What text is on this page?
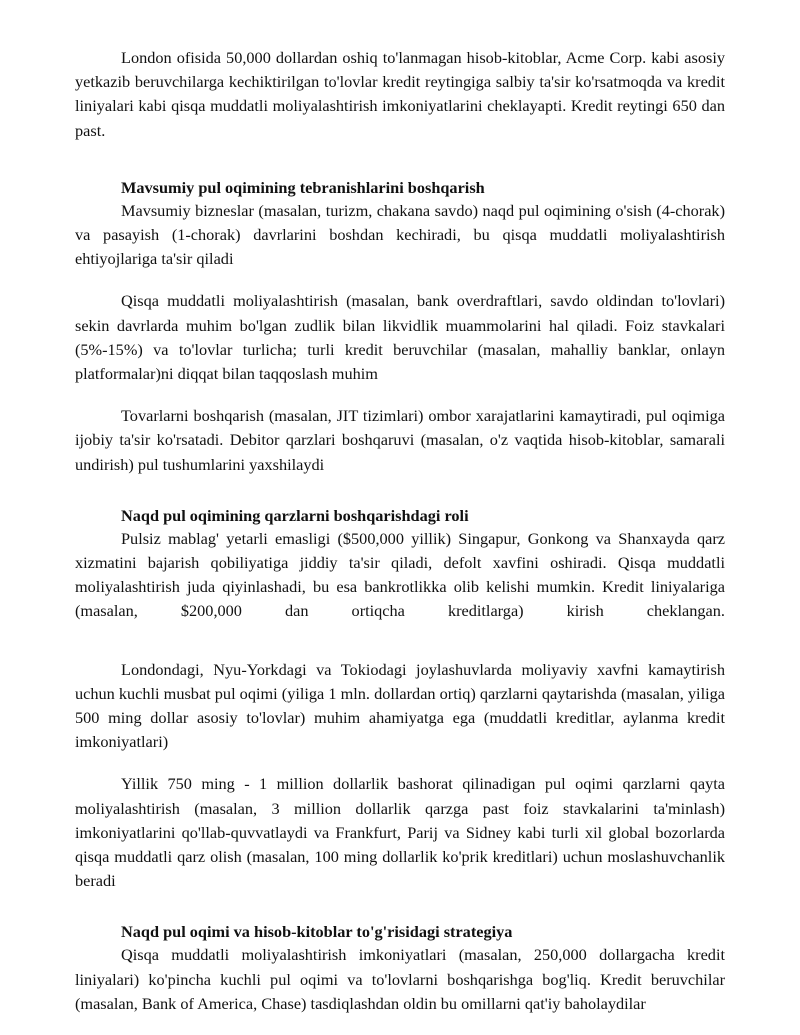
London ofisida 50,000 dollardan oshiq to'lanmagan hisob-kitoblar, Acme Corp. kabi asosiy yetkazib beruvchilarga kechiktirilgan to'lovlar kredit reytingiga salbiy ta'sir ko'rsatmoqda va kredit liniyalari kabi qisqa muddatli moliyalashtirish imkoniyatlarini cheklayapti. Kredit reytingi 650 dan past.

Mavsumiy pul oqimining tebranishlarini boshqarish

Mavsumiy bizneslar (masalan, turizm, chakana savdo) naqd pul oqimining o'sish (4-chorak) va pasayish (1-chorak) davrlarini boshdan kechiradi, bu qisqa muddatli moliyalashtirish ehtiyojlariga ta'sir qiladi

Qisqa muddatli moliyalashtirish (masalan, bank overdraftlari, savdo oldindan to'lovlari) sekin davrlarda muhim bo'lgan zudlik bilan likvidlik muammolarini hal qiladi. Foiz stavkalari (5%-15%) va to'lovlar turlicha; turli kredit beruvchilar (masalan, mahalliy banklar, onlayn platformalar)ni diqqat bilan taqqoslash muhim

Tovarlarni boshqarish (masalan, JIT tizimlari) ombor xarajatlarini kamaytiradi, pul oqimiga ijobiy ta'sir ko'rsatadi. Debitor qarzlari boshqaruvi (masalan, o'z vaqtida hisob-kitoblar, samarali undirish) pul tushumlarini yaxshilaydi

Naqd pul oqimining qarzlarni boshqarishdagi roli

Pulsiz mablag' yetarli emasligi ($500,000 yillik) Singapur, Gonkong va Shanxayda qarz xizmatini bajarish qobiliyatiga jiddiy ta'sir qiladi, defolt xavfini oshiradi. Qisqa muddatli moliyalashtirish juda qiyinlashadi, bu esa bankrotlikka olib kelishi mumkin. Kredit liniyalariga (masalan, $200,000 dan ortiqcha kreditlarga) kirish cheklangan.

Londondagi, Nyu-Yorkdagi va Tokiodagi joylashuvlarda moliyaviy xavfni kamaytirish uchun kuchli musbat pul oqimi (yiliga 1 mln. dollardan ortiq) qarzlarni qaytarishda (masalan, yiliga 500 ming dollar asosiy to'lovlar) muhim ahamiyatga ega (muddatli kreditlar, aylanma kredit imkoniyatlari)

Yillik 750 ming - 1 million dollarlik bashorat qilinadigan pul oqimi qarzlarni qayta moliyalashtirish (masalan, 3 million dollarlik qarzga past foiz stavkalarini ta'minlash) imkoniyatlarini qo'llab-quvvatlaydi va Frankfurt, Parij va Sidney kabi turli xil global bozorlarda qisqa muddatli qarz olish (masalan, 100 ming dollarlik ko'prik kreditlari) uchun moslashuvchanlik beradi

Naqd pul oqimi va hisob-kitoblar to'g'risidagi strategiya

Qisqa muddatli moliyalashtirish imkoniyatlari (masalan, 250,000 dollargacha kredit liniyalari) ko'pincha kuchli pul oqimi va to'lovlarni boshqarishga bog'liq. Kredit beruvchilar (masalan, Bank of America, Chase) tasdiqlashdan oldin bu omillarni qat'iy baholaydilar
